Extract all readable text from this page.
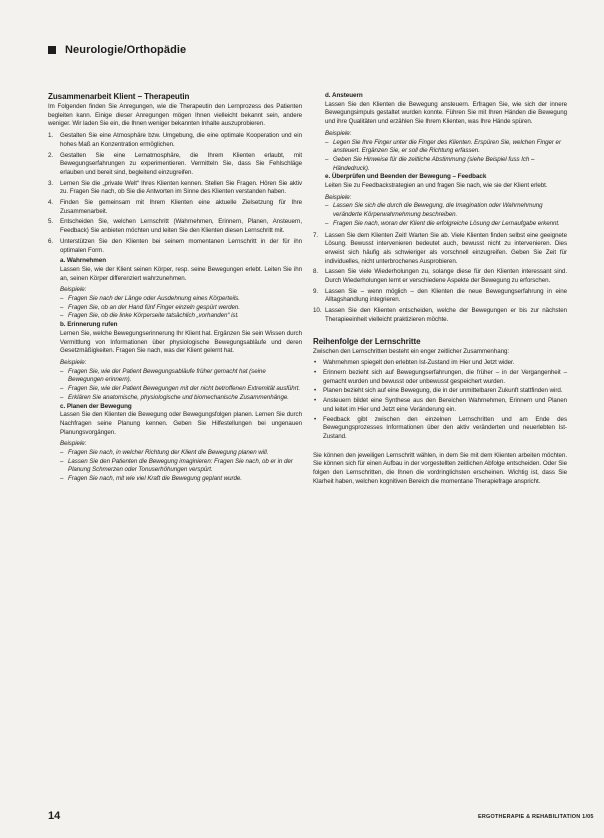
Neurologie/Orthopädie
Zusammenarbeit Klient – Therapeutin

Im Folgenden finden Sie Anregungen, wie die Therapeutin den Lernprozess des Patienten begleiten kann. Einige dieser Anregungen mögen Ihnen vielleicht bekannt sein, andere weniger. Wir laden Sie ein, die Ihnen weniger bekannten Inhalte auszuprobieren.

1. Gestalten Sie eine Atmosphäre bzw. Umgebung, die eine optimale Kooperation und ein hohes Maß an Konzentration ermöglichen.
2. Gestalten Sie eine Lernatmosphäre, die Ihrem Klienten erlaubt, mit Bewegungserfahrungen zu experimentieren. Vermitteln Sie, dass Sie Fehlschläge erlauben und bereit sind, begleitend einzugreifen.
3. Lernen Sie die „private Welt“ Ihres Klienten kennen. Stellen Sie Fragen. Hören Sie aktiv zu. Fragen Sie nach, ob Sie die Antworten im Sinne des Klienten verstanden haben.
4. Finden Sie gemeinsam mit Ihrem Klienten eine aktuelle Zielsetzung für Ihre Zusammenarbeit.
5. Entscheiden Sie, welchen Lernschritt (Wahrnehmen, Erinnern, Planen, Ansteuern, Feedback) Sie anbieten möchten und leiten Sie den Klienten diesen Lernschritt mit.
6. Unterstützen Sie den Klienten bei seinem momentanen Lernschritt in der für ihn optimalen Form.
a. Wahrnehmen

Lassen Sie, wie der Klient seinen Körper, resp. seine Bewegungen erlebt. Leiten Sie ihn an, seinen Körper differenziert wahrzunehmen.

Beispiele:
– Fragen Sie nach der Länge oder Ausdehnung eines Körperteils.
– Fragen Sie, ob an der Hand fünf Finger einzeln gespürt werden.
– Fragen Sie, ob die linke Körperseite tatsächlich „vorhanden“ ist.
b. Erinnerung rufen

Lernen Sie, welche Bewegungserinnerung Ihr Klient hat. Ergänzen Sie sein Wissen durch Vermittlung von Informationen über physiologische Bewegungsabläufe und deren Gesetzmäßigkeiten. Fragen Sie nach, was der Klient gelernt hat.

Beispiele:
– Fragen Sie, wie der Patient Bewegungsabläufe früher gemacht hat (seine Bewegungen erinnern).
– Fragen Sie, wie der Patient Bewegungen mit der nicht betroffenen Extremität ausführt.
– Erklären Sie anatomische, physiologische und biomechanische Zusammenhänge.
c. Planen der Bewegung

Lassen Sie den Klienten die Bewegung oder Bewegungsfolgen planen. Lernen Sie durch Nachfragen seine Planung kennen. Geben Sie Hilfestellungen bei ungenauen Planungsvorgängen.

Beispiele:
– Fragen Sie nach, in welcher Richtung der Klient die Bewegung planen will.
– Lassen Sie den Patienten die Bewegung imaginieren: Fragen Sie nach, ob er in der Planung Schmerzen oder Tonuserhöhungen verspürt.
– Fragen Sie nach, mit wie viel Kraft die Bewegung geplant wurde.
d. Ansteuern

Lassen Sie den Klienten die Bewegung ansteuern. Erfragen Sie, wie sich der innere Bewegungsimpuls gestaltet wurden konnte. Führen Sie mit Ihren Händen die Bewegung und ihre Qualitäten und erzählen Sie Ihrem Klienten, was Ihre Hände spüren.

Beispiele:
– Legen Sie Ihre Finger unter die Finger des Klienten. Erspüren Sie, welchen Finger er ansteuert. Ergänzen Sie, er soll die Richtung erfassen.
– Geben Sie Hinweise für die zeitliche Abstimmung (siehe Beispiel fuss Ich – Händedruck).
e. Überprüfen und Beenden der Bewegung – Feedback

Leiten Sie zu Feedbackstrategien an und fragen Sie nach, wie sie der Klient erlebt.

Beispiele:
– Lassen Sie sich die durch die Bewegung, die Imagination oder Wahrnehmung veränderte Körperwahrnehmung beschreiben.
– Fragen Sie nach, woran der Klient die erfolgreiche Lösung der Lernaufgabe erkennt.
7. Lassen Sie dem Klienten Zeit! Warten Sie ab. Viele Klienten finden selbst eine geeignete Lösung. Bewusst intervenieren bedeutet auch, bewusst nicht zu intervenieren. Dies erweist sich häufig als schwieriger als vorschnell einzugreifen. Geben Sie Zeit für individuelles, nicht unterbrochenes Ausprobieren.
8. Lassen Sie viele Wiederholungen zu, solange diese für den Klienten interessant sind. Durch Wiederholungen lernt er verschiedene Aspekte der Bewegung zu erforschen.
9. Lassen Sie – wenn möglich – den Klienten die neue Bewegungserfahrung in eine Alltagshandlung integrieren.
10. Lassen Sie den Klienten entscheiden, welche der Bewegungen er bis zur nächsten Therapieeinheit vielleicht praktizieren möchte.
Reihenfolge der Lernschritte

Zwischen den Lernschritten besteht ein enger zeitlicher Zusammenhang:

• Wahrnehmen spiegelt den erlebten Ist-Zustand im Hier und Jetzt wider.
• Erinnern bezieht sich auf Bewegungserfahrungen, die früher – in der Vergangenheit – gemacht wurden und bewusst oder unbewusst gespeichert wurden.
• Planen bezieht sich auf eine Bewegung, die in der unmittelbaren Zukunft stattfinden wird.
• Ansteuern bildet eine Synthese aus den Bereichen Wahrnehmen, Erinnern und Planen und leitet im Hier und Jetzt eine Veränderung ein.
• Feedback gibt zwischen den einzelnen Lernschritten und am Ende des Bewegungsprozesses Informationen über den aktiv veränderten und neuerlebten Ist-Zustand.

Sie können den jeweiligen Lernschritt wählen, in dem Sie mit dem Klienten arbeiten möchten. Sie können sich für einen Aufbau in der vorgestellten zeitlichen Abfolge entscheiden. Oder Sie folgen den Lernschritten, die Ihnen die vordringlichsten erscheinen. Wichtig ist, dass Sie Klarheit haben, welchen kognitiven Bereich die momentane Therapiefrage anspricht.

14	ERGOTHERAPIE & REHABILITATION 1/05
